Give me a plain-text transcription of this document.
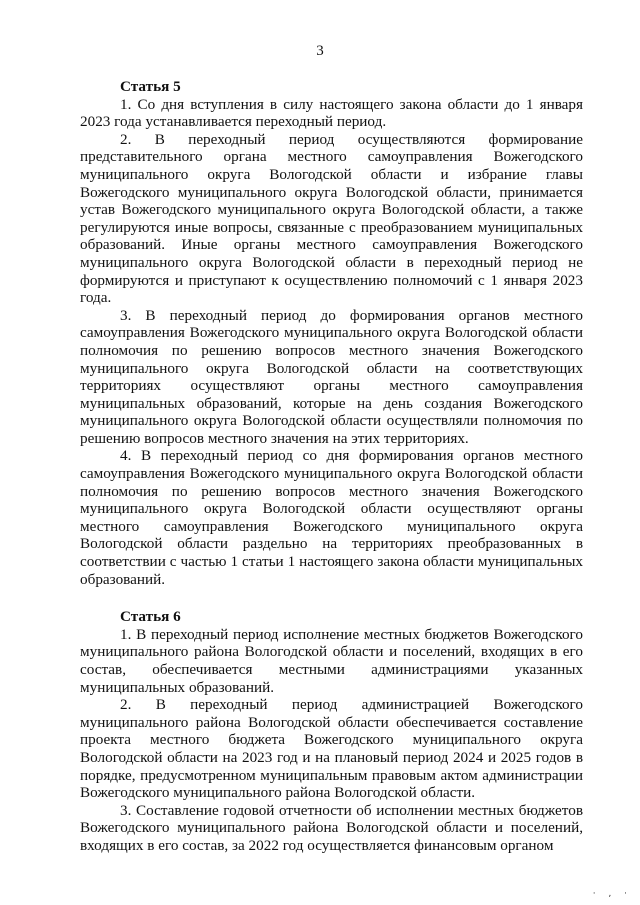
3

Статья 5

1. Со дня вступления в силу настоящего закона области до 1 января 2023 года устанавливается переходный период.

2. В переходный период осуществляются формирование представительного органа местного самоуправления Вожегодского муниципального округа Вологодской области и избрание главы Вожегодского муниципального округа Вологодской области, принимается устав Вожегодского муниципального округа Вологодской области, а также регулируются иные вопросы, связанные с преобразованием муниципальных образований. Иные органы местного самоуправления Вожегодского муниципального округа Вологодской области в переходный период не формируются и приступают к осуществлению полномочий с 1 января 2023 года.

3. В переходный период до формирования органов местного самоуправления Вожегодского муниципального округа Вологодской области полномочия по решению вопросов местного значения Вожегодского муниципального округа Вологодской области на соответствующих территориях осуществляют органы местного самоуправления муниципальных образований, которые на день создания Вожегодского муниципального округа Вологодской области осуществляли полномочия по решению вопросов местного значения на этих территориях.

4. В переходный период со дня формирования органов местного самоуправления Вожегодского муниципального округа Вологодской области полномочия по решению вопросов местного значения Вожегодского муниципального округа Вологодской области осуществляют органы местного самоуправления Вожегодского муниципального округа Вологодской области раздельно на территориях преобразованных в соответствии с частью 1 статьи 1 настоящего закона области муниципальных образований.

Статья 6

1. В переходный период исполнение местных бюджетов Вожегодского муниципального района Вологодской области и поселений, входящих в его состав, обеспечивается местными администрациями указанных муниципальных образований.

2. В переходный период администрацией Вожегодского муниципального района Вологодской области обеспечивается составление проекта местного бюджета Вожегодского муниципального округа Вологодской области на 2023 год и на плановый период 2024 и 2025 годов в порядке, предусмотренном муниципальным правовым актом администрации Вожегодского муниципального района Вологодской области.

3. Составление годовой отчетности об исполнении местных бюджетов Вожегодского муниципального района Вологодской области и поселений, входящих в его состав, за 2022 год осуществляется финансовым органом

· ‚ ·
